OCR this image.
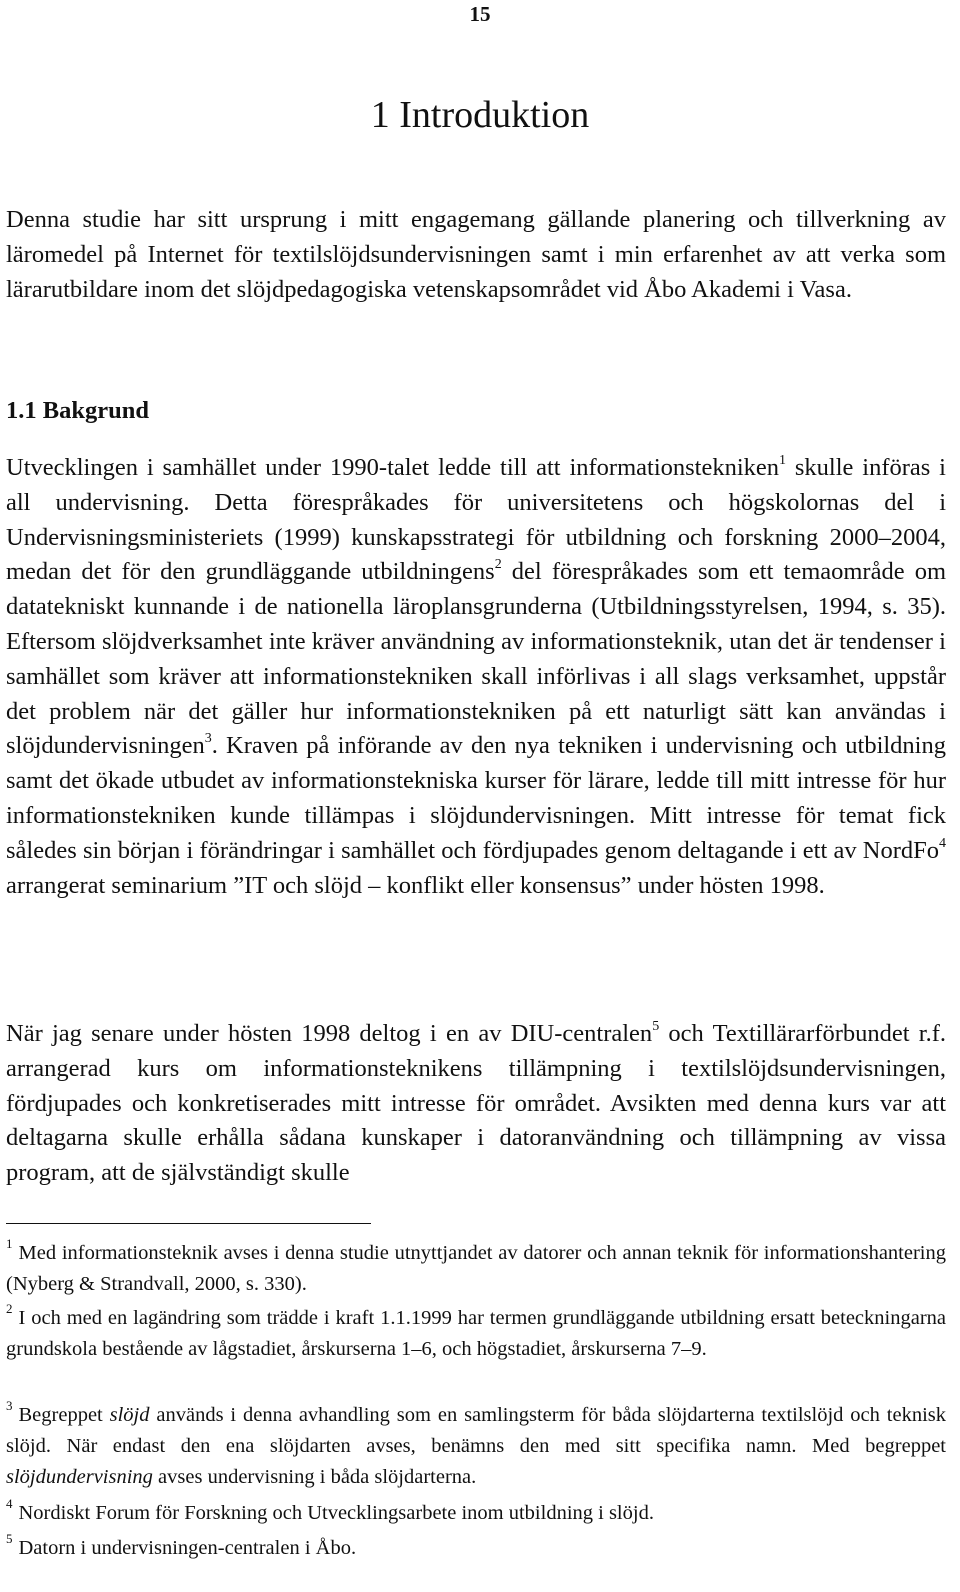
15
1 Introduktion

Denna studie har sitt ursprung i mitt engagemang gällande planering och tillverkning av läromedel på Internet för textilslöjdsundervisningen samt i min erfarenhet av att verka som lärarutbildare inom det slöjdpedagogiska vetenskapsområdet vid Åbo Akademi i Vasa.

1.1 Bakgrund

Utvecklingen i samhället under 1990-talet ledde till att informationstekniken$^1$ skulle införas i all undervisning. Detta förespråkades för universitetens och högskolornas del i Undervisningsministeriets (1999) kunskapsstrategi för utbildning och forskning 2000–2004, medan det för den grundläggande utbildningens$^2$ del förespråkades som ett temaområde om datatekniskt kunnande i de nationella läroplansgrunderna (Utbildningsstyrelsen, 1994, s. 35). Eftersom slöjdverksamhet inte kräver användning av informationsteknik, utan det är tendenser i samhället som kräver att informationstekniken skall införlivas i all slags verksamhet, uppstår det problem när det gäller hur informationstekniken på ett naturligt sätt kan användas i slöjdundervisningen$^3$. Kraven på införande av den nya tekniken i undervisning och utbildning samt det ökade utbudet av informationstekniska kurser för lärare, ledde till mitt intresse för hur informationstekniken kunde tillämpas i slöjdundervisningen. Mitt intresse för temat fick således sin början i förändringar i samhället och fördjupades genom deltagande i ett av NordFo$^4$ arrangerat seminarium ”IT och slöjd – konflikt eller konsensus” under hösten 1998.

När jag senare under hösten 1998 deltog i en av DIU-centralen$^5$ och Textillärarförbundet r.f. arrangerad kurs om informationsteknikens tillämpning i textilslöjdsundervisningen, fördjupades och konkretiserades mitt intresse för området. Avsikten med denna kurs var att deltagarna skulle erhålla sådana kunskaper i datoranvändning och tillämpning av vissa program, att de självständigt skulle

$^1$ Med informationsteknik avses i denna studie utnyttjandet av datorer och annan teknik för informationshantering (Nyberg & Strandvall, 2000, s. 330).

$^2$ I och med en lagändring som trädde i kraft 1.1.1999 har termen grundläggande utbildning ersatt beteckningarna grundskola bestående av lågstadiet, årskurserna 1–6, och högstadiet, årskurserna 7–9.

$^3$ Begreppet slöjd används i denna avhandling som en samlingsterm för båda slöjdarterna textilslöjd och teknisk slöjd. När endast den ena slöjdarten avses, benämns den med sitt specifika namn. Med begreppet slöjdundervisning avses undervisning i båda slöjdarterna.

$^4$ Nordiskt Forum för Forskning och Utvecklingsarbete inom utbildning i slöjd.

$^5$ Datorn i undervisningen-centralen i Åbo.
